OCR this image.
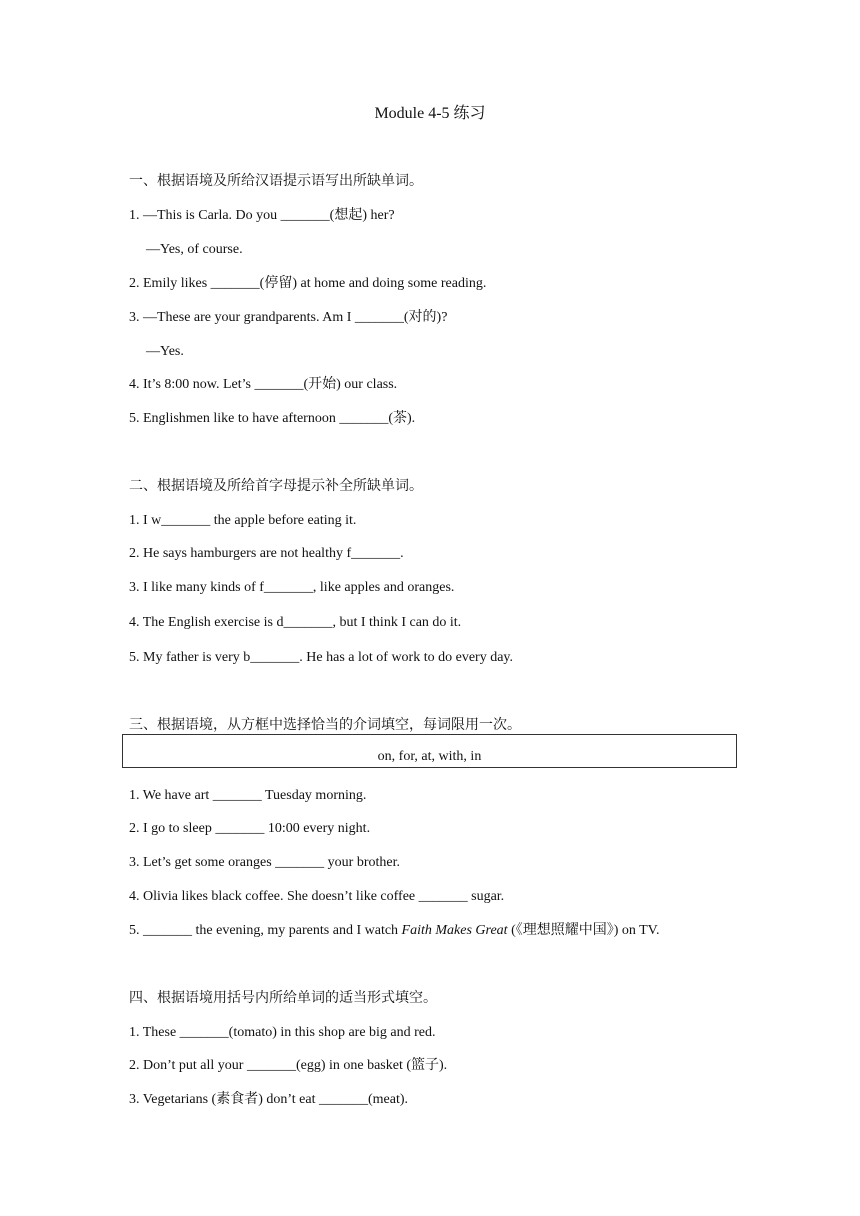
Module 4-5 练习
一、根据语境及所给汉语提示语写出所缺单词。
1. —This is Carla. Do you _______(想起) her?
—Yes, of course.
2. Emily likes _______(停留) at home and doing some reading.
3. —These are your grandparents. Am I _______(对的)?
—Yes.
4. It’s 8:00 now. Let’s _______(开始) our class.
5. Englishmen like to have afternoon _______(茶).
二、根据语境及所给首字母提示补全所缺单词。
1. I w_______ the apple before eating it.
2. He says hamburgers are not healthy f_______.
3. I like many kinds of f_______, like apples and oranges.
4. The English exercise is d_______, but I think I can do it.
5. My father is very b_______. He has a lot of work to do every day.
三、根据语境，从方框中选择恰当的介词填空，每词限用一次。
on, for, at, with, in
1. We have art _______ Tuesday morning.
2. I go to sleep _______ 10:00 every night.
3. Let’s get some oranges _______ your brother.
4. Olivia likes black coffee. She doesn’t like coffee _______ sugar.
5. _______ the evening, my parents and I watch Faith Makes Great (《理想照耀中国》) on TV.
四、根据语境用括号内所给单词的适当形式填空。
1. These _______(tomato) in this shop are big and red.
2. Don’t put all your _______(egg) in one basket (篮子).
3. Vegetarians (素食者) don’t eat _______(meat).
